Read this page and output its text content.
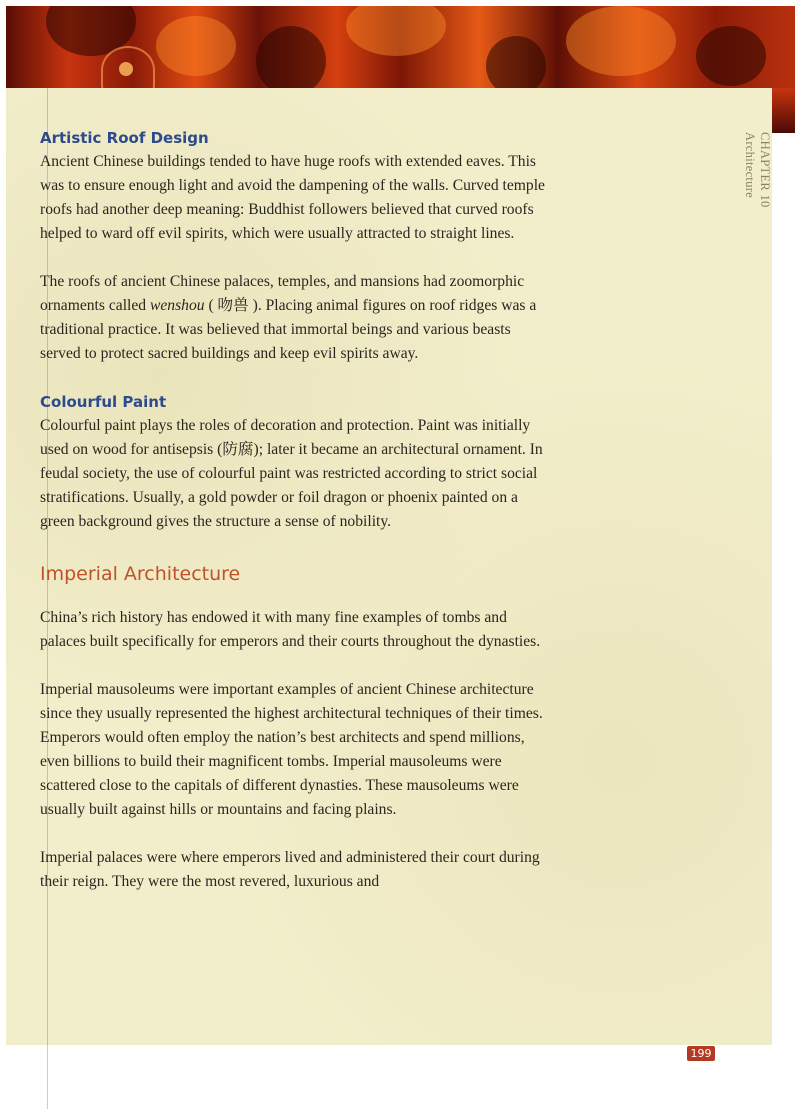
CHAPTER 10
Architecture
Artistic Roof Design

Ancient Chinese buildings tended to have huge roofs with extended eaves. This was to ensure enough light and avoid the dampening of the walls. Curved temple roofs had another deep meaning: Buddhist followers believed that curved roofs helped to ward off evil spirits, which were usually attracted to straight lines.

The roofs of ancient Chinese palaces, temples, and mansions had zoomorphic ornaments called wenshou ( 吻兽 ). Placing animal figures on roof ridges was a traditional practice. It was believed that immortal beings and various beasts served to protect sacred buildings and keep evil spirits away.

Colourful Paint

Colourful paint plays the roles of decoration and protection. Paint was initially used on wood for antisepsis (防腐); later it became an architectural ornament. In feudal society, the use of colourful paint was restricted according to strict social stratifications. Usually, a gold powder or foil dragon or phoenix painted on a green background gives the structure a sense of nobility.

Imperial Architecture

China’s rich history has endowed it with many fine examples of tombs and palaces built specifically for emperors and their courts throughout the dynasties.

Imperial mausoleums were important examples of ancient Chinese architecture since they usually represented the highest architectural techniques of their times. Emperors would often employ the nation’s best architects and spend millions, even billions to build their magnificent tombs. Imperial mausoleums were scattered close to the capitals of different dynasties. These mausoleums were usually built against hills or mountains and facing plains.

Imperial palaces were where emperors lived and administered their court during their reign. They were the most revered, luxurious and

199
